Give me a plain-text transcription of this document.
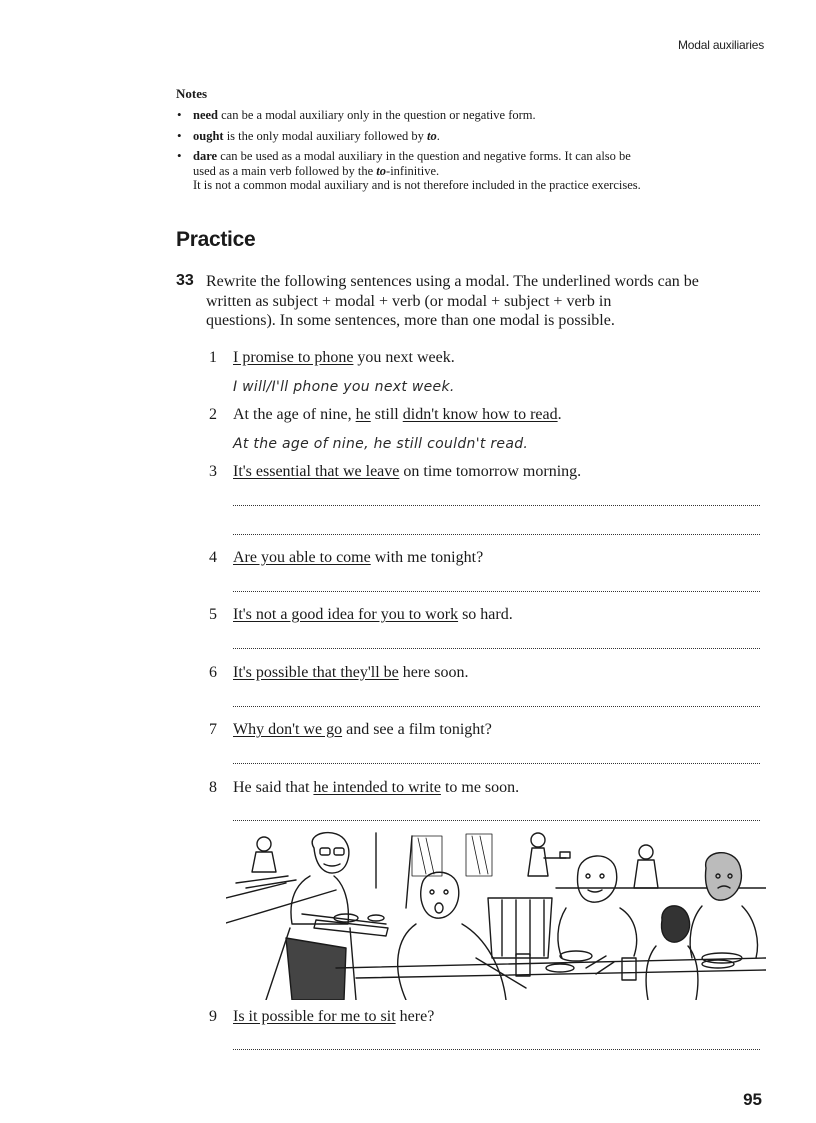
Modal auxiliaries
Notes
• need can be a modal auxiliary only in the question or negative form.
• ought is the only modal auxiliary followed by to.
• dare can be used as a modal auxiliary in the question and negative forms. It can also be
used as a main verb followed by the to-infinitive.
It is not a common modal auxiliary and is not therefore included in the practice exercises.
Practice
33 Rewrite the following sentences using a modal. The underlined words can be
written as subject + modal + verb (or modal + subject + verb in
questions). In some sentences, more than one modal is possible.
1 I promise to phone you next week.
I will/I'll phone you next week.
2 At the age of nine, he still didn't know how to read.
At the age of nine, he still couldn't read.
3 It's essential that we leave on time tomorrow morning.
4 Are you able to come with me tonight?
5 It's not a good idea for you to work so hard.
6 It's possible that they'll be here soon.
7 Why don't we go and see a film tonight?
8 He said that he intended to write to me soon.
9 Is it possible for me to sit here?
95
